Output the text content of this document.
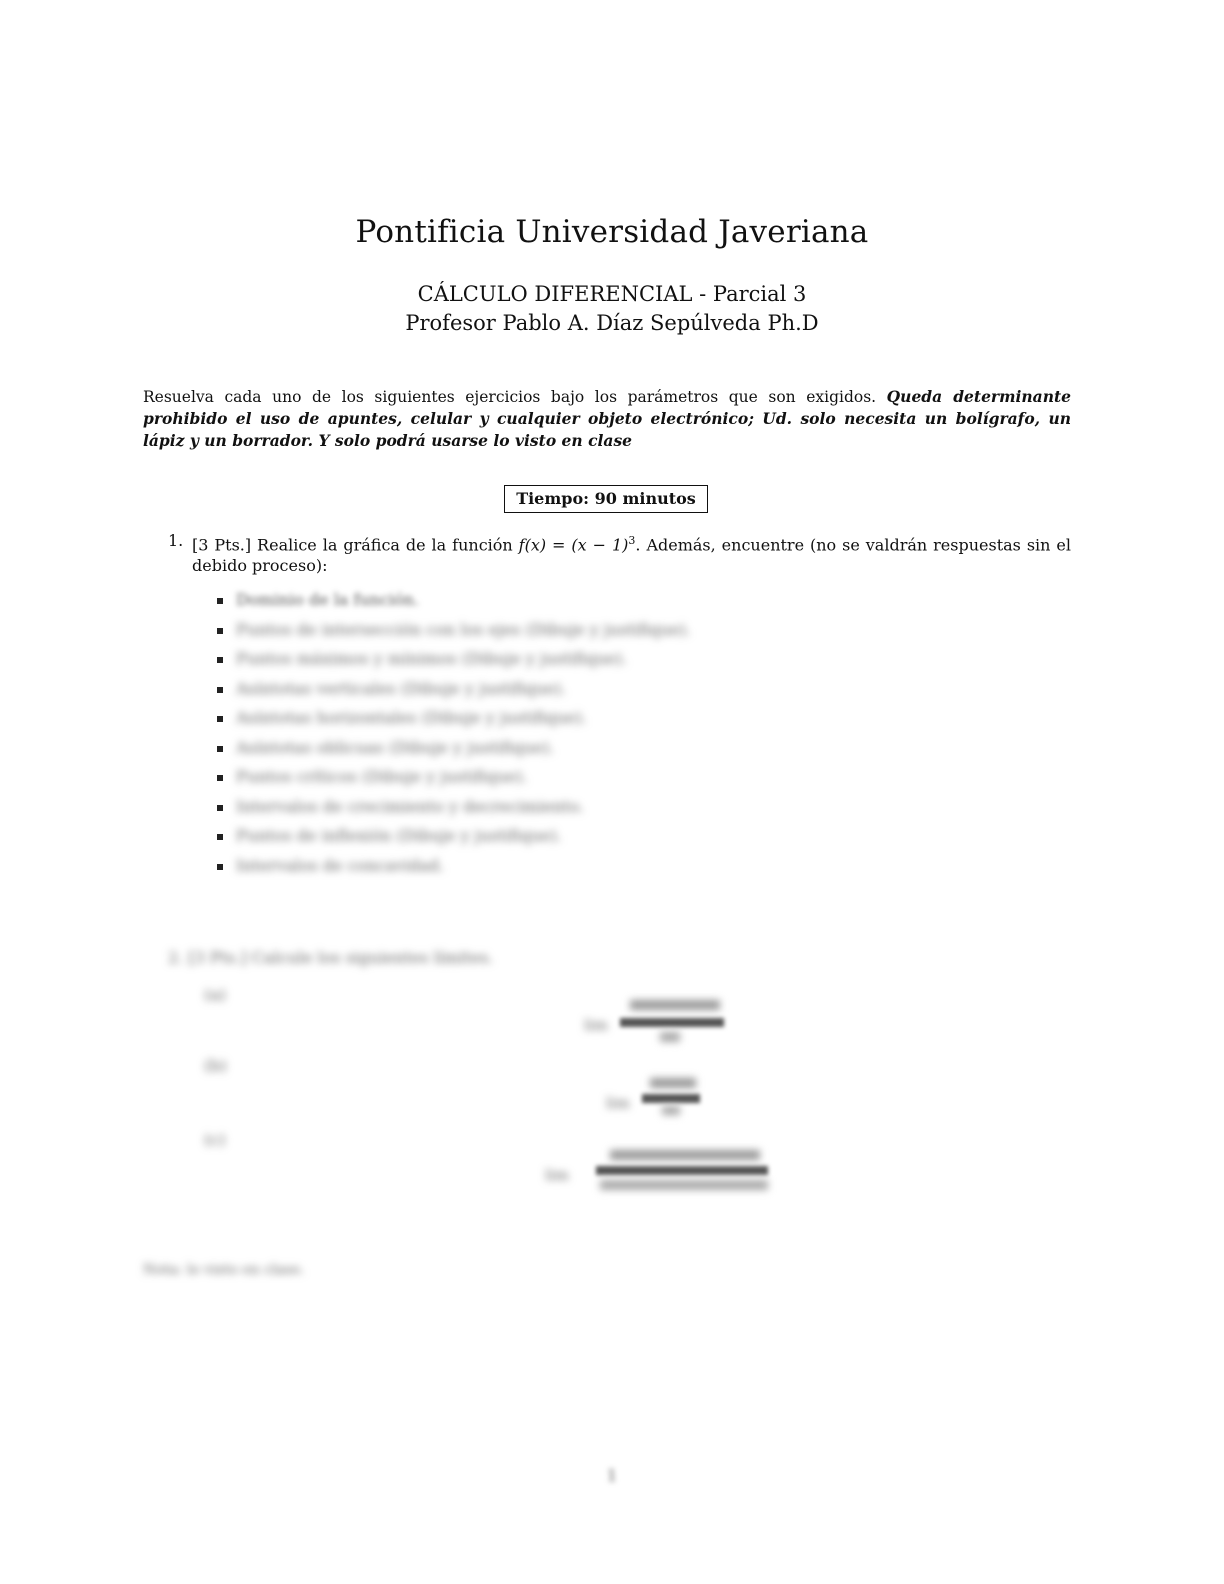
Pontificia Universidad Javeriana
CÁLCULO DIFERENCIAL - Parcial 3
Profesor Pablo A. Díaz Sepúlveda Ph.D
Resuelva cada uno de los siguientes ejercicios bajo los parámetros que son exigidos. Queda determinante prohibido el uso de apuntes, celular y cualquier objeto electrónico; Ud. solo necesita un bolígrafo, un lápiz y un borrador. Y solo podrá usarse lo visto en clase
Tiempo: 90 minutos
1. [3 Pts.] Realice la gráfica de la función $f(x) = (x - 1)^3$. Además, encuentre (no se valdrán respuestas sin el debido proceso):
Dominio de la función.
Puntos de intersección con los ejes (Dibuje y justifique).
Puntos máximos y mínimos (Dibuje y justifique).
Asíntotas verticales (Dibuje y justifique).
Asíntotas horizontales (Dibuje y justifique).
Asíntotas oblicuas (Dibuje y justifique).
Puntos críticos (Dibuje y justifique).
Intervalos de crecimiento y decrecimiento.
Puntos de inflexión (Dibuje y justifique).
Intervalos de concavidad.
2. [3 Pts.] Calcule los siguientes límites.
(a)
lim
(b)
lim
(c)
lim
Nota: lo visto en clase.
1
